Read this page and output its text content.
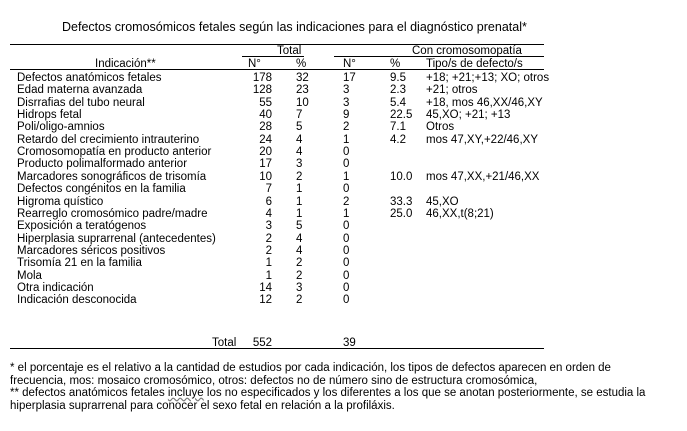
Defectos cromosómicos fetales según las indicaciones para el diagnóstico prenatal*
Total	Con cromosomopatía
Indicación**	N°	%	N°	% Tipo/s de defecto/s
Defectos anatómicos fetales	178 32	17	9.5 +18; +21;+13; XO; otros
Edad materna avanzada	128 23	3	2.3 +21; otros
Disrrafias del tubo neural	55 10	3	5.4 +18, mos 46,XX/46,XY
Hidrops fetal	40 7	9	22.5 45,XO; +21; +13
Poli/oligo-amnios	28 5	2	7.1 Otros
Retardo del crecimiento intrauterino	24 4	1	4.2 mos 47,XY,+22/46,XY
Cromosomopatía en producto anterior	20 4	0
Producto polimalformado anterior	17 3	0
Marcadores sonográficos de trisomía	10 2	1	10.0 mos 47,XX,+21/46,XX
Defectos congénitos en la familia	7 1	0
Higroma quístico	6 1	2	33.3 45,XO
Rearreglo cromosómico padre/madre	4 1	1	25.0 46,XX,t(8;21)
Exposición a teratógenos	3 5	0
Hiperplasia suprarrenal (antecedentes)	2 4	0
Marcadores séricos positivos	2 4	0
Trisomía 21 en la familia	1 2	0
Mola	1 2	0
Otra indicación	14 3	0
Indicación desconocida	12 2	0
Total	552	39

* el porcentaje es el relativo a la cantidad de estudios por cada indicación, los tipos de defectos aparecen en orden de

frecuencia, mos: mosaico cromosómico, otros: defectos no de número sino de estructura cromosómica,

** defectos anatómicos fetales incluye los no especificados y los diferentes a los que se anotan posteriormente, se estudia la

hiperplasia suprarrenal para conocer el sexo fetal en relación a la profiláxis.
